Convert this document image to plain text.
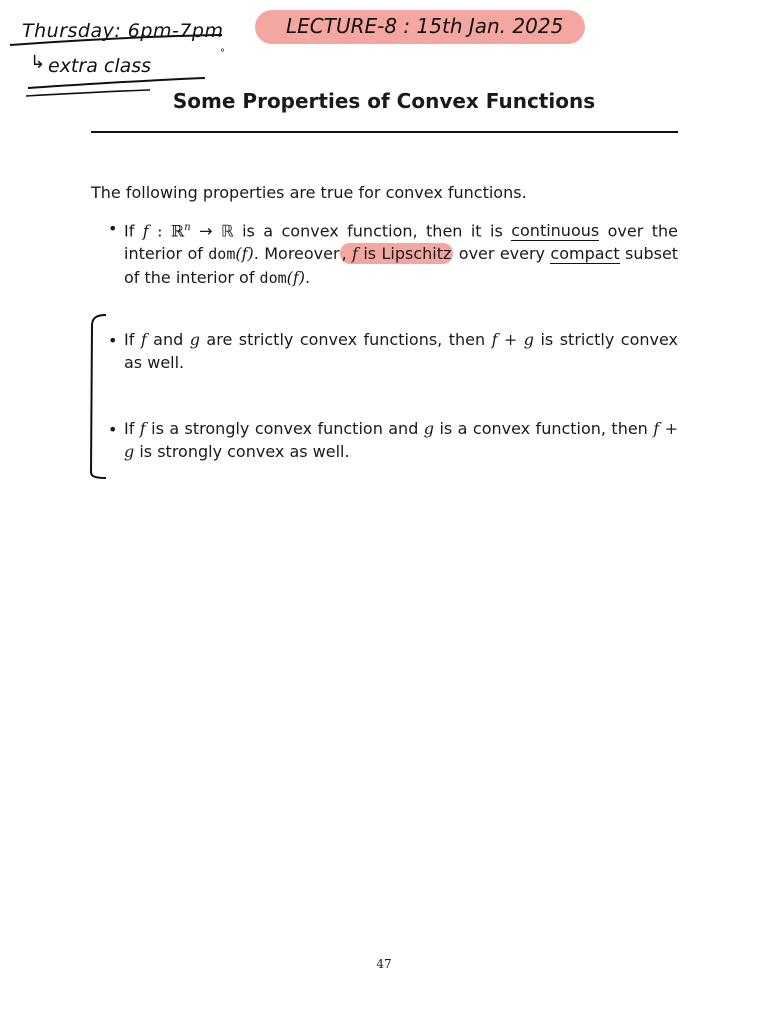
Thursday: 6pm-7pm
↳ extra class
°
LECTURE-8 : 15th Jan. 2025
Some Properties of Convex Functions
The following properties are true for convex functions.
• If f : ℝ$^n$ → ℝ is a convex function, then it is continuous over the interior of dom(f). Moreover , f is Lipschitz over every compact subset of the interior of dom(f).
• If f and g are strictly convex functions, then f + g is strictly convex as well.
• If f is a strongly convex function and g is a convex function, then f + g is strongly convex as well.
47
